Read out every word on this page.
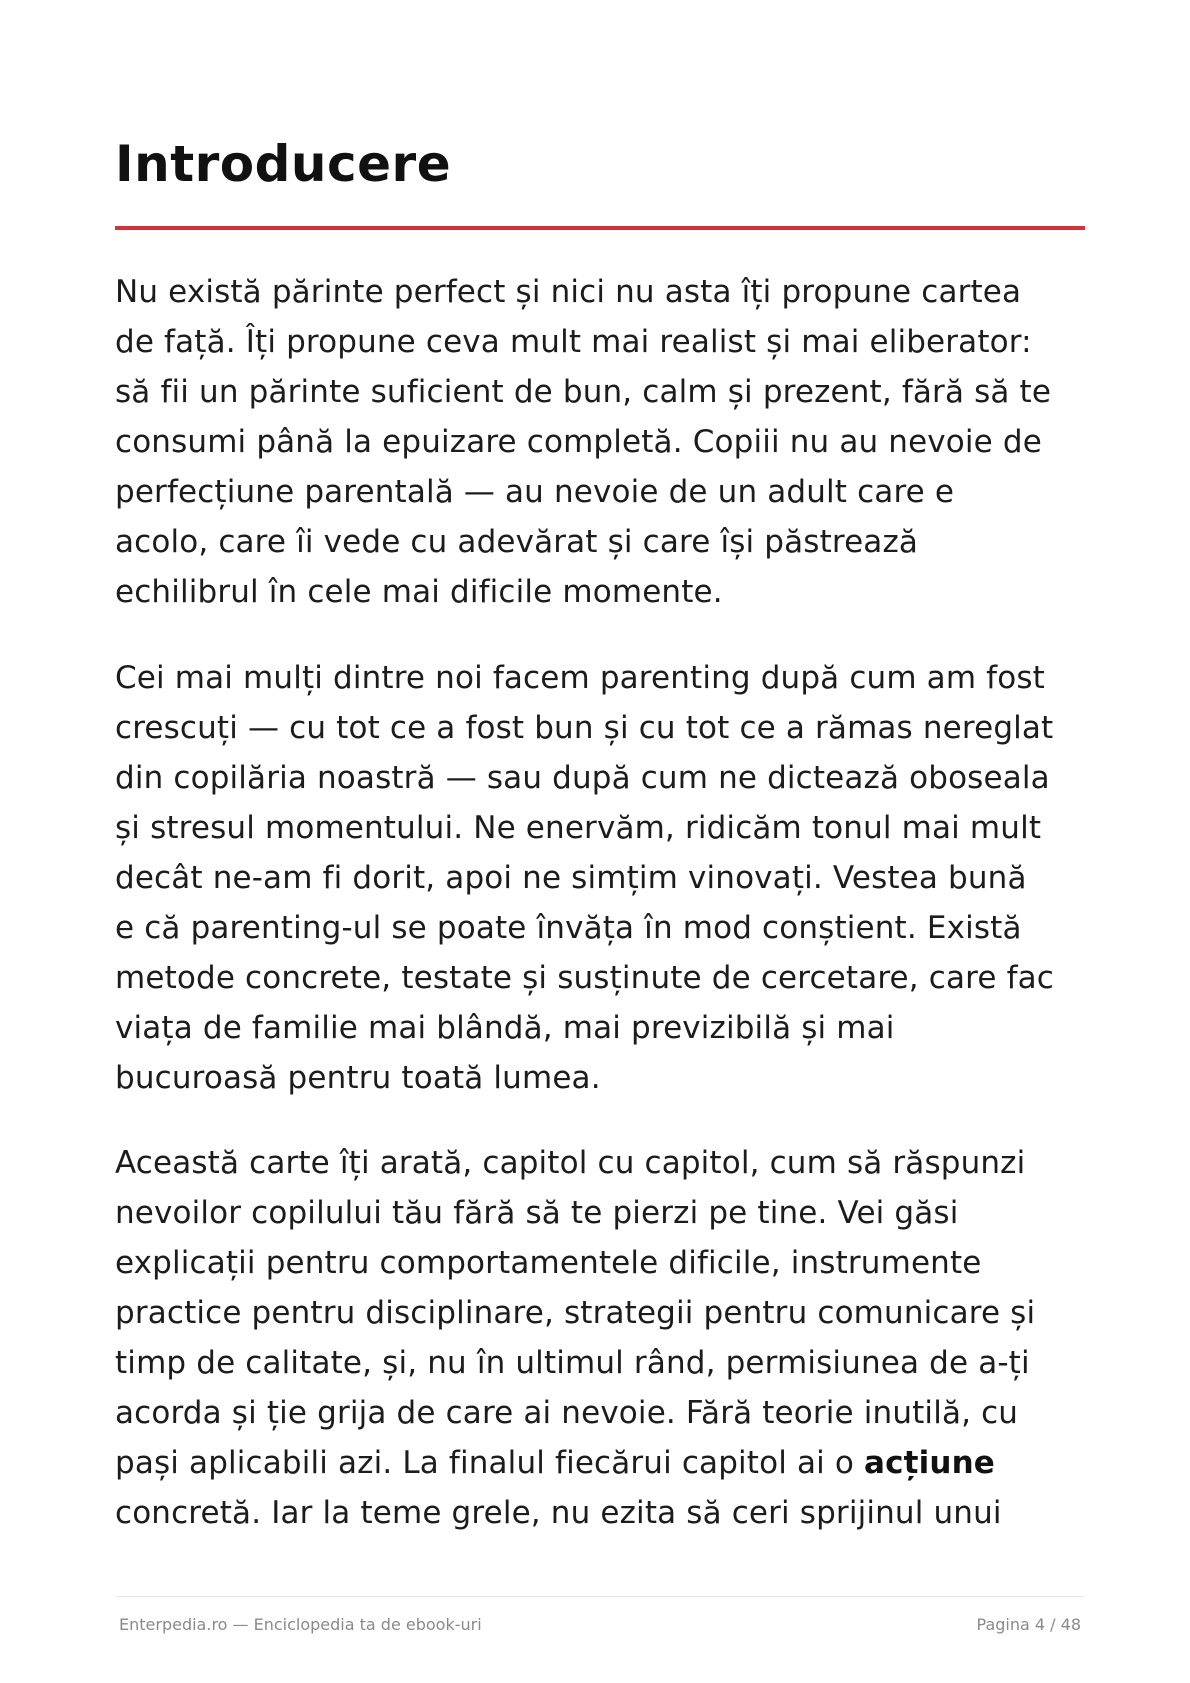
Introducere

Nu există părinte perfect și nici nu asta îți propune cartea
de față. Îți propune ceva mult mai realist și mai eliberator:
să fii un părinte suficient de bun, calm și prezent, fără să te
consumi până la epuizare completă. Copiii nu au nevoie de
perfecțiune parentală — au nevoie de un adult care e
acolo, care îi vede cu adevărat și care își păstrează
echilibrul în cele mai dificile momente.

Cei mai mulți dintre noi facem parenting după cum am fost
crescuți — cu tot ce a fost bun și cu tot ce a rămas nereglat
din copilăria noastră — sau după cum ne dictează oboseala
și stresul momentului. Ne enervăm, ridicăm tonul mai mult
decât ne-am fi dorit, apoi ne simțim vinovați. Vestea bună
e că parenting-ul se poate învăța în mod conștient. Există
metode concrete, testate și susținute de cercetare, care fac
viața de familie mai blândă, mai previzibilă și mai
bucuroasă pentru toată lumea.

Această carte îți arată, capitol cu capitol, cum să răspunzi
nevoilor copilului tău fără să te pierzi pe tine. Vei găsi
explicații pentru comportamentele dificile, instrumente
practice pentru disciplinare, strategii pentru comunicare și
timp de calitate, și, nu în ultimul rând, permisiunea de a-ți
acorda și ție grija de care ai nevoie. Fără teorie inutilă, cu
pași aplicabili azi. La finalul fiecărui capitol ai o acțiune
concretă. Iar la teme grele, nu ezita să ceri sprijinul unui

Enterpedia.ro — Enciclopedia ta de ebook-uri	Pagina 4 / 48
